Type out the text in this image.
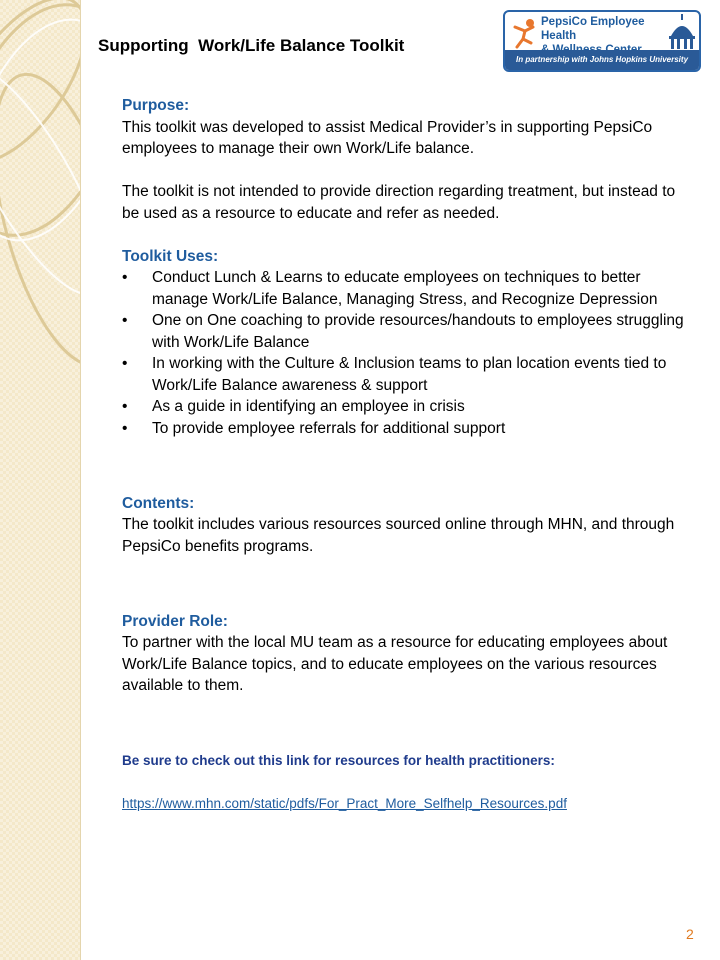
PepsiCo Employee Health
In partnership with Johns Hopkins University
Supporting  Work/Life Balance Toolkit

Purpose:

This toolkit was developed to assist Medical Provider’s in supporting PepsiCo employees to manage their own Work/Life balance.

The toolkit is not intended to provide direction regarding treatment, but instead to be used as a resource to educate and refer as needed.

Toolkit Uses:

• Conduct Lunch & Learns to educate employees on techniques to better manage Work/Life Balance, Managing Stress, and Recognize Depression
• One on One coaching to provide resources/handouts to employees struggling with Work/Life Balance
• In working with the Culture & Inclusion teams to plan location events tied to Work/Life Balance awareness & support
• As a guide in identifying an employee in crisis
• To provide employee referrals for additional support

Contents:

The toolkit includes various resources sourced online through MHN, and through PepsiCo benefits programs.

Provider Role:

To partner with the local MU team as a resource for educating employees about Work/Life Balance topics, and to educate employees on the various resources available to them.

Be sure to check out this link for resources for health practitioners:

https://www.mhn.com/static/pdfs/For_Pract_More_Selfhelp_Resources.pdf
2
